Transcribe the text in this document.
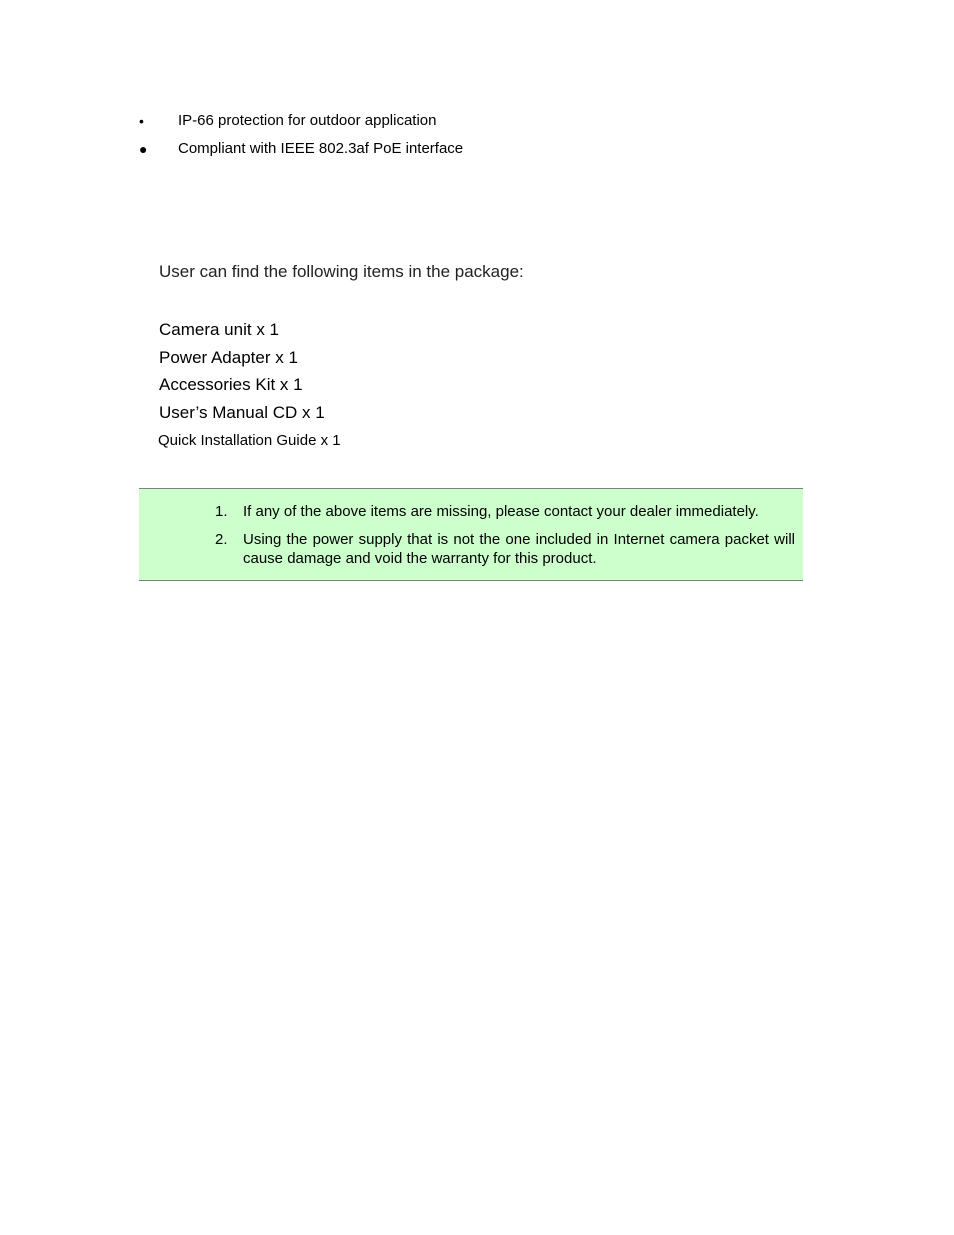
•	IP-66 protection for outdoor application
● Compliant with IEEE 802.3af PoE interface
User can find the following items in the package:
Camera unit x 1
Power Adapter x 1
Accessories Kit x 1
User’s Manual CD x 1
Quick Installation Guide x 1
1. If any of the above items are missing, please contact your dealer immediately.
2. Using the power supply that is not the one included in Internet camera packet will cause damage and void the warranty for this product.
